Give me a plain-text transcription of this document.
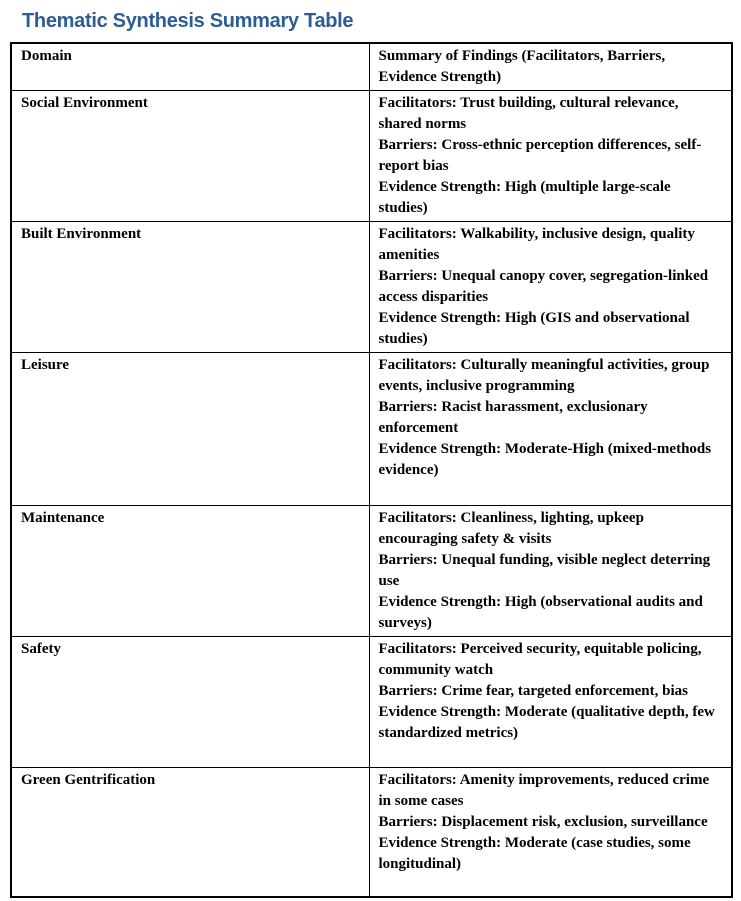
Thematic Synthesis Summary Table
Domain	Summary of Findings (Facilitators, Barriers, Evidence Strength)
Social Environment	Facilitators: Trust building, cultural relevance, shared norms
Barriers: Cross-ethnic perception differences, self-report bias
Evidence Strength: High (multiple large-scale studies)

Built Environment	Facilitators: Walkability, inclusive design, quality amenities
Barriers: Unequal canopy cover, segregation-linked access disparities
Evidence Strength: High (GIS and observational studies)

Leisure	Facilitators: Culturally meaningful activities, group events, inclusive programming
Barriers: Racist harassment, exclusionary enforcement
Evidence Strength: Moderate-High (mixed-methods evidence)

Maintenance	Facilitators: Cleanliness, lighting, upkeep encouraging safety & visits
Barriers: Unequal funding, visible neglect deterring use
Evidence Strength: High (observational audits and surveys)

Safety	Facilitators: Perceived security, equitable policing, community watch
Barriers: Crime fear, targeted enforcement, bias
Evidence Strength: Moderate (qualitative depth, few standardized metrics)

Green Gentrification	Facilitators: Amenity improvements, reduced crime in some cases
Barriers: Displacement risk, exclusion, surveillance
Evidence Strength: Moderate (case studies, some longitudinal)
